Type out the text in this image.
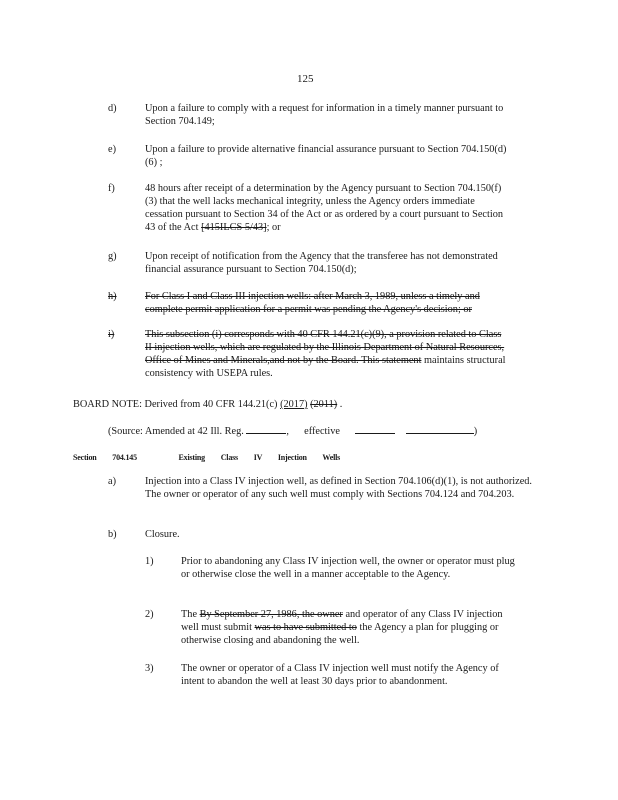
125
d)	Upon a failure to comply with a request for information in a timely manner pursuant to Section 704.149;
e)	Upon a failure to provide alternative financial assurance pursuant to Section 704.150(d)(6) ;
f)	48 hours after receipt of a determination by the Agency pursuant to Section 704.150(f)(3) that the well lacks mechanical integrity, unless the Agency orders immediate cessation pursuant to Section 34 of the Act or as ordered by a court pursuant to Section 43 of the Act [415ILCS 5/43]; or
g)	Upon receipt of notification from the Agency that the transferee has not demonstrated financial assurance pursuant to Section 704.150(d);
h)	For Class I and Class III injection wells: after March 3, 1989, unless a timely and complete permit application for a permit was pending the Agency's decision; or
i)	This subsection (i) corresponds with 40 CFR 144.21(c)(9), a provision related to Class II injection wells, which are regulated by the Illinois Department of Natural Resources, Office of Mines and Minerals,and not by the Board. This statement maintains structural consistency with USEPA rules.
BOARD NOTE: Derived from 40 CFR 144.21(c) (2017) (2011) .
(Source: Amended at 42 Ill. Reg.	, effective	)
Section 704.145	Existing Class IV Injection Wells
a)	Injection into a Class IV injection well, as defined in Section 704.106(d)(1), is not authorized. The owner or operator of any such well must comply with Sections 704.124 and 704.203.
b)	Closure.
1)	Prior to abandoning any Class IV injection well, the owner or operator must plug or otherwise close the well in a manner acceptable to the Agency.
2)	The By September 27, 1986, the owner and operator of any Class IV injection well must submit was to have submitted to the Agency a plan for plugging or otherwise closing and abandoning the well.
3)	The owner or operator of a Class IV injection well must notify the Agency of intent to abandon the well at least 30 days prior to abandonment.
